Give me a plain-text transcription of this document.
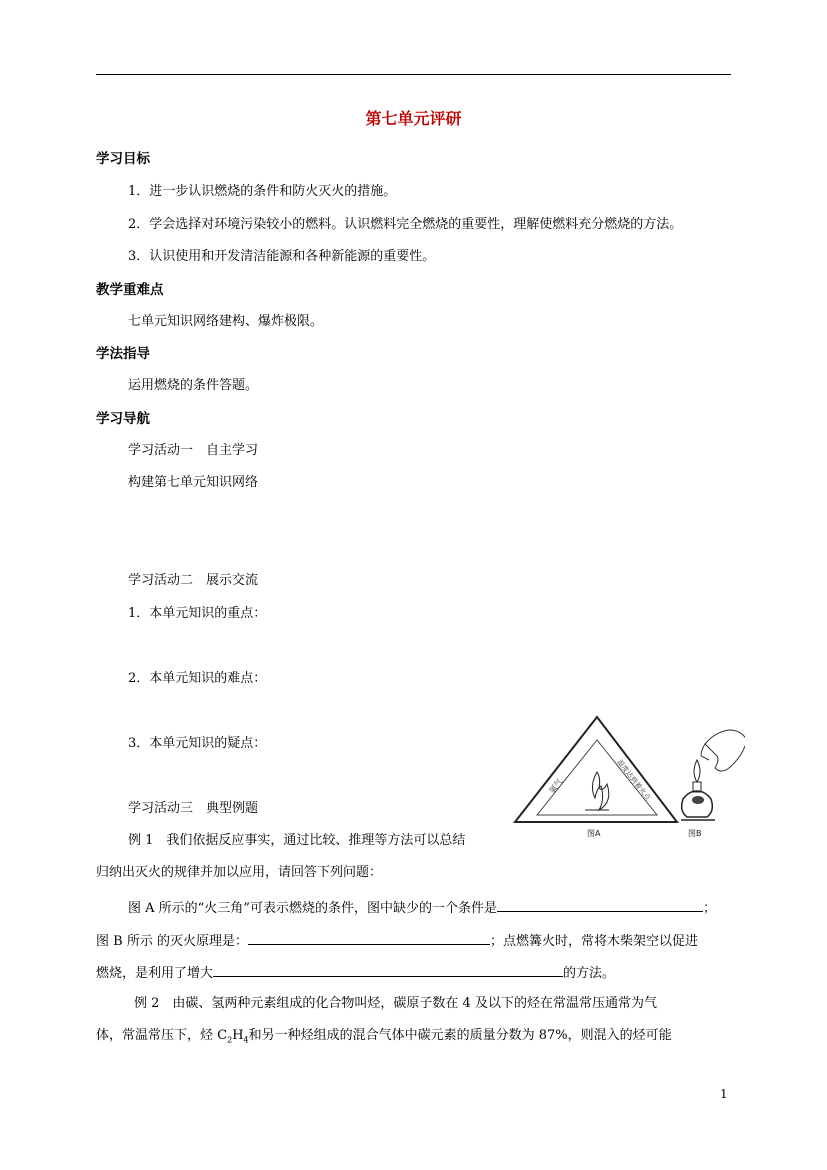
第七单元评研
学习目标
1．进一步认识燃烧的条件和防火灭火的措施。
2．学会选择对环境污染较小的燃料。认识燃料完全燃烧的重要性，理解使燃料充分燃烧的方法。
3．认识使用和开发清洁能源和各种新能源的重要性。
教学重难点
七单元知识网络建构、爆炸极限。
学法指导
运用燃烧的条件答题。
学习导航
学习活动一　自主学习
构建第七单元知识网络
学习活动二　展示交流
1．本单元知识的重点：
2．本单元知识的难点：
3．本单元知识的疑点：
学习活动三　典型例题
例 1　我们依据反应事实，通过比较、推理等方法可以总结
归纳出灭火的规律并加以应用，请回答下列问题：
图 A 所示的“火三角”可表示燃烧的条件，图中缺少的一个条件是	；
图 B 所示 的灭火原理是：	；点燃篝火时，常将木柴架空以促进
燃烧，是利用了增大	的方法。
例 2　由碳、氢两种元素组成的化合物叫烃，碳原子数在 4 及以下的烃在常温常压通常为气
体，常温常压下，烃 $C_2H_4$和另一种烃组成的混合气体中碳元素的质量分数为 87%，则混入的烃可能
氧气	温度达到着火点
图A	图B
1
